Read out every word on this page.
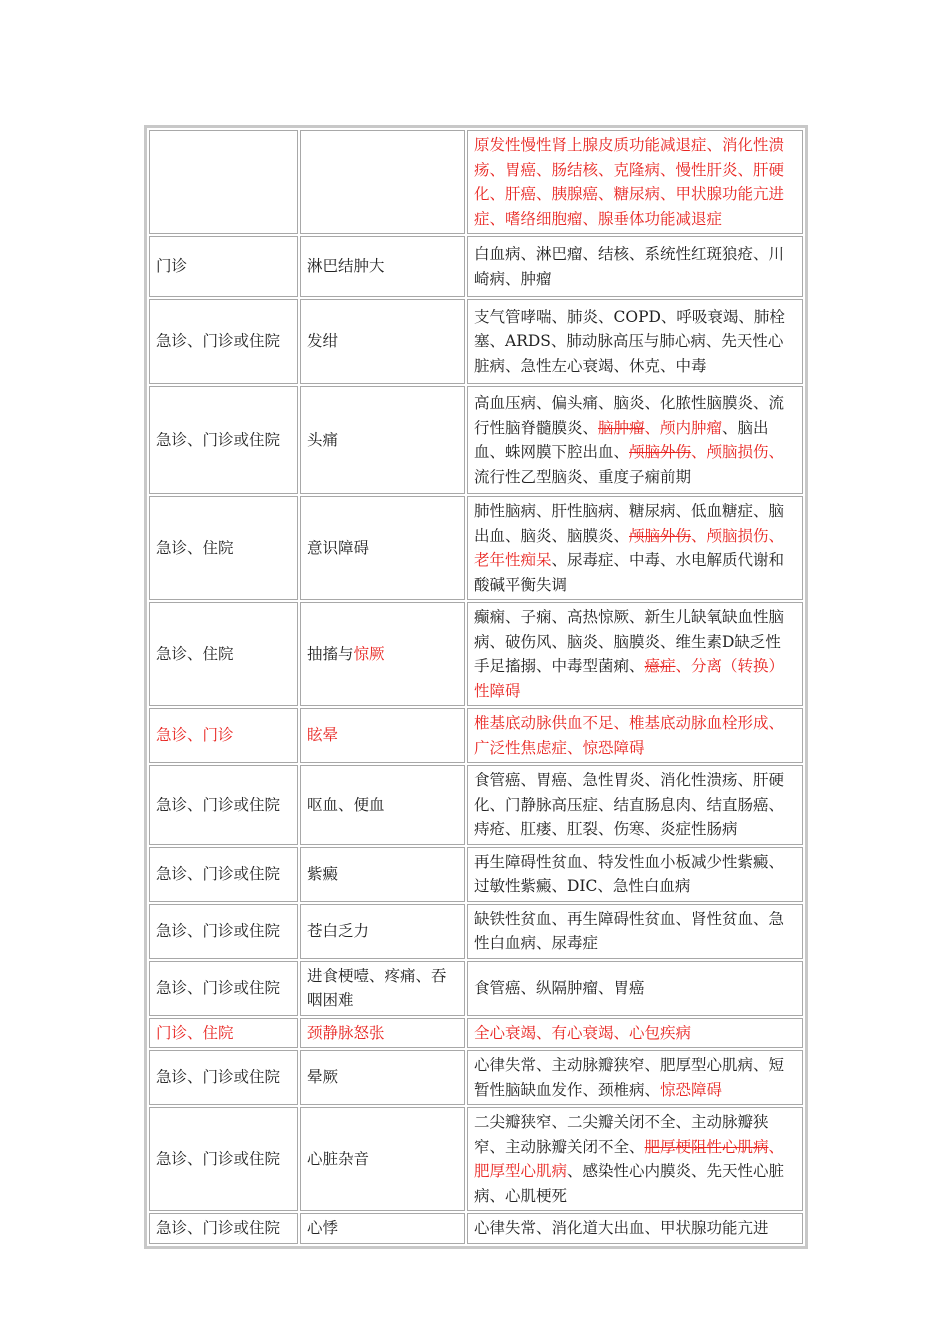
		原发性慢性肾上腺皮质功能减退症、消化性溃疡、胃癌、肠结核、克隆病、慢性肝炎、肝硬化、肝癌、胰腺癌、糖尿病、甲状腺功能亢进症、嗜络细胞瘤、腺垂体功能减退症
门诊	淋巴结肿大	白血病、淋巴瘤、结核、系统性红斑狼疮、川崎病、肿瘤
急诊、门诊或住院	发绀	支气管哮喘、肺炎、COPD、呼吸衰竭、肺栓塞、ARDS、肺动脉高压与肺心病、先天性心脏病、急性左心衰竭、休克、中毒
急诊、门诊或住院	头痛	高血压病、偏头痛、脑炎、化脓性脑膜炎、流行性脑脊髓膜炎、脑肿瘤、颅内肿瘤、脑出血、蛛网膜下腔出血、颅脑外伤、颅脑损伤、流行性乙型脑炎、重度子痫前期
急诊、住院	意识障碍	肺性脑病、肝性脑病、糖尿病、低血糖症、脑出血、脑炎、脑膜炎、颅脑外伤、颅脑损伤、老年性痴呆、尿毒症、中毒、水电解质代谢和酸碱平衡失调
急诊、住院	抽搐与惊厥	癫痫、子痫、高热惊厥、新生儿缺氧缺血性脑病、破伤风、脑炎、脑膜炎、维生素D缺乏性手足搐搦、中毒型菌痢、癔症、分离（转换）性障碍
急诊、门诊	眩晕	椎基底动脉供血不足、椎基底动脉血栓形成、广泛性焦虑症、惊恐障碍
急诊、门诊或住院	呕血、便血	食管癌、胃癌、急性胃炎、消化性溃疡、肝硬化、门静脉高压症、结直肠息肉、结直肠癌、痔疮、肛瘘、肛裂、伤寒、炎症性肠病
急诊、门诊或住院	紫癜	再生障碍性贫血、特发性血小板减少性紫癜、过敏性紫癜、DIC、急性白血病
急诊、门诊或住院	苍白乏力	缺铁性贫血、再生障碍性贫血、肾性贫血、急性白血病、尿毒症
急诊、门诊或住院	进食梗噎、疼痛、吞咽困难	食管癌、纵隔肿瘤、胃癌
门诊、住院	颈静脉怒张	全心衰竭、有心衰竭、心包疾病
急诊、门诊或住院	晕厥	心律失常、主动脉瓣狭窄、肥厚型心肌病、短暂性脑缺血发作、颈椎病、惊恐障碍
急诊、门诊或住院	心脏杂音	二尖瓣狭窄、二尖瓣关闭不全、主动脉瓣狭窄、主动脉瓣关闭不全、肥厚梗阻性心肌病、肥厚型心肌病、感染性心内膜炎、先天性心脏病、心肌梗死
急诊、门诊或住院	心悸	心律失常、消化道大出血、甲状腺功能亢进
